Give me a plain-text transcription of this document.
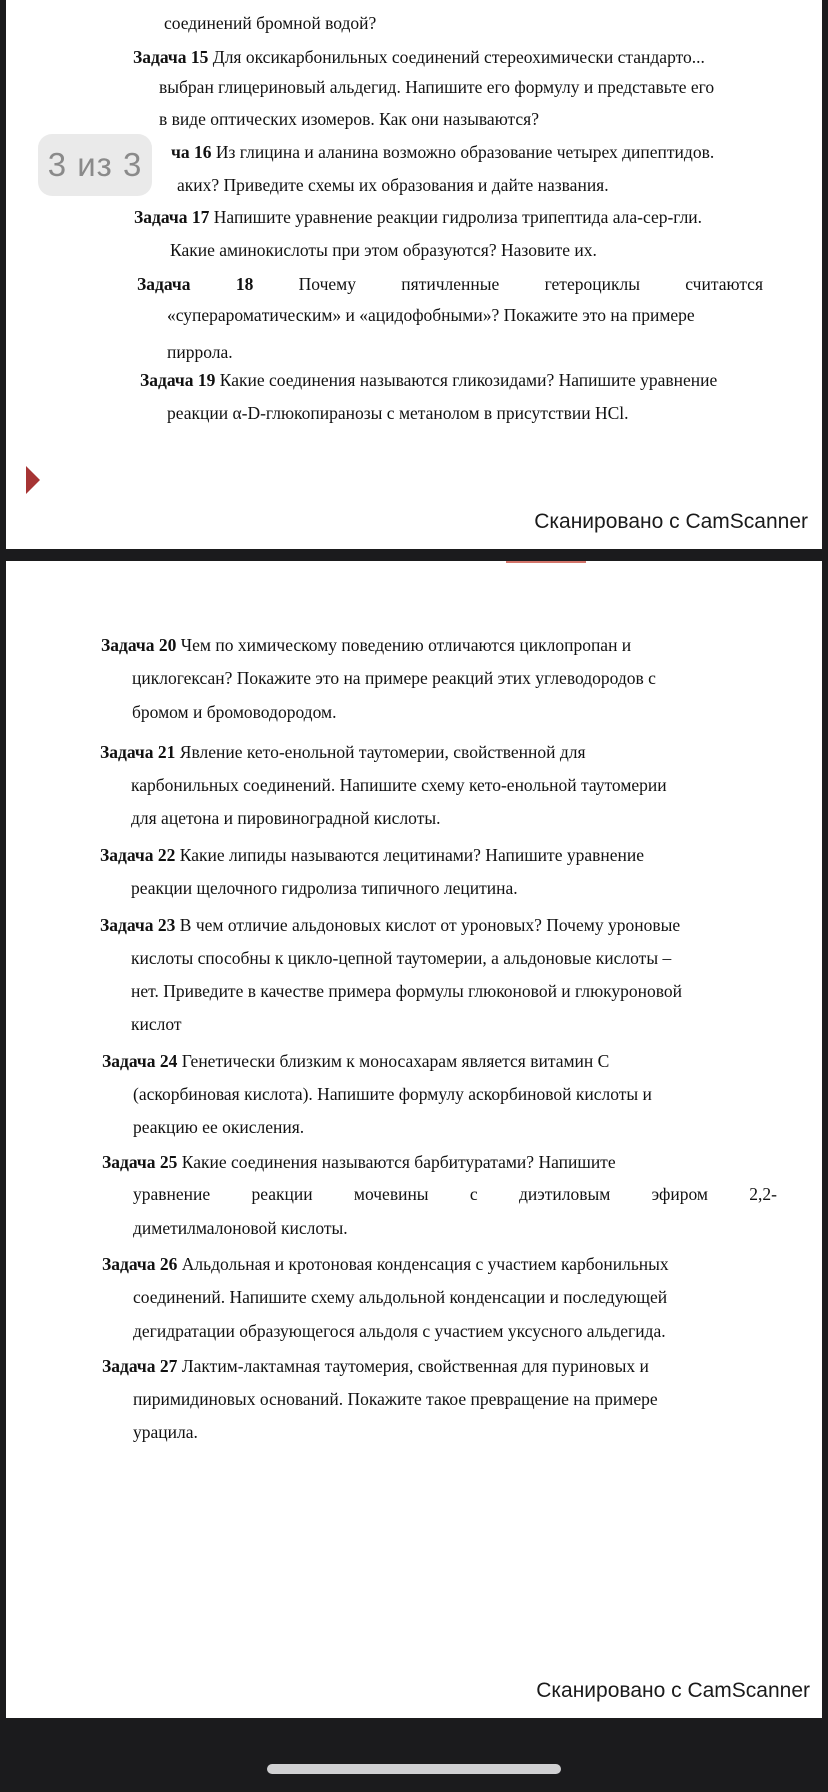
соединений бромной водой?
Задача 15 Для оксикарбонильных соединений стереохимически стандарто...
выбран глицериновый альдегид. Напишите его формулу и представьте его
в виде оптических изомеров. Как они называются?
ча 16 Из глицина и аланина возможно образование четырех дипептидов.
аких? Приведите схемы их образования и дайте названия.
Задача 17 Напишите уравнение реакции гидролиза трипептида ала-сер-гли.
Какие аминокислоты при этом образуются? Назовите их.
Задача	18	Почему	пятичленные	гетероциклы	считаются
«супераромaтическим» и «ацидофобными»? Покажите это на примере
пиррола.
Задача 19 Какие соединения называются гликозидами? Напишите уравнение
реакции α-D-глюкопиранозы с метанолом в присутствии HCl.
Сканировано с CamScanner
Задача 20 Чем по химическому поведению отличаются циклопропан и
циклогексан? Покажите это на примере реакций этих углеводородов с
бромом и бромоводородом.
Задача 21 Явление кето-енольной таутомерии, свойственной для
карбонильных соединений. Напишите схему кето-енольной таутомерии
для ацетона и пировиноградной кислоты.
Задача 22 Какие липиды называются лецитинами? Напишите уравнение
реакции щелочного гидролиза типичного лецитина.
Задача 23 В чем отличие альдоновых кислот от уроновых? Почему уроновые
кислоты способны к цикло-цепной таутомерии, а альдоновые кислоты –
нет. Приведите в качестве примера формулы глюконовой и глюкуроновой
кислот
Задача 24 Генетически близким к моносахарам является витамин С
(аскорбиновая кислота). Напишите формулу аскорбиновой кислоты и
реакцию ее окисления.
Задача 25 Какие соединения называются барбитуратами? Напишите
уравнение реакции мочевины с диэтиловым эфиром 2,2-
диметилмалоновой кислоты.
Задача 26 Альдольная и кротоновая конденсация с участием карбонильных
соединений. Напишите схему альдольной конденсации и последующей
дегидратации образующегося альдоля с участием уксусного альдегида.
Задача 27 Лактим-лактамная таутомерия, свойственная для пуриновых и
пиримидиновых оснований. Покажите такое превращение на примере
урацила.
Сканировано с CamScanner
3 из 3
